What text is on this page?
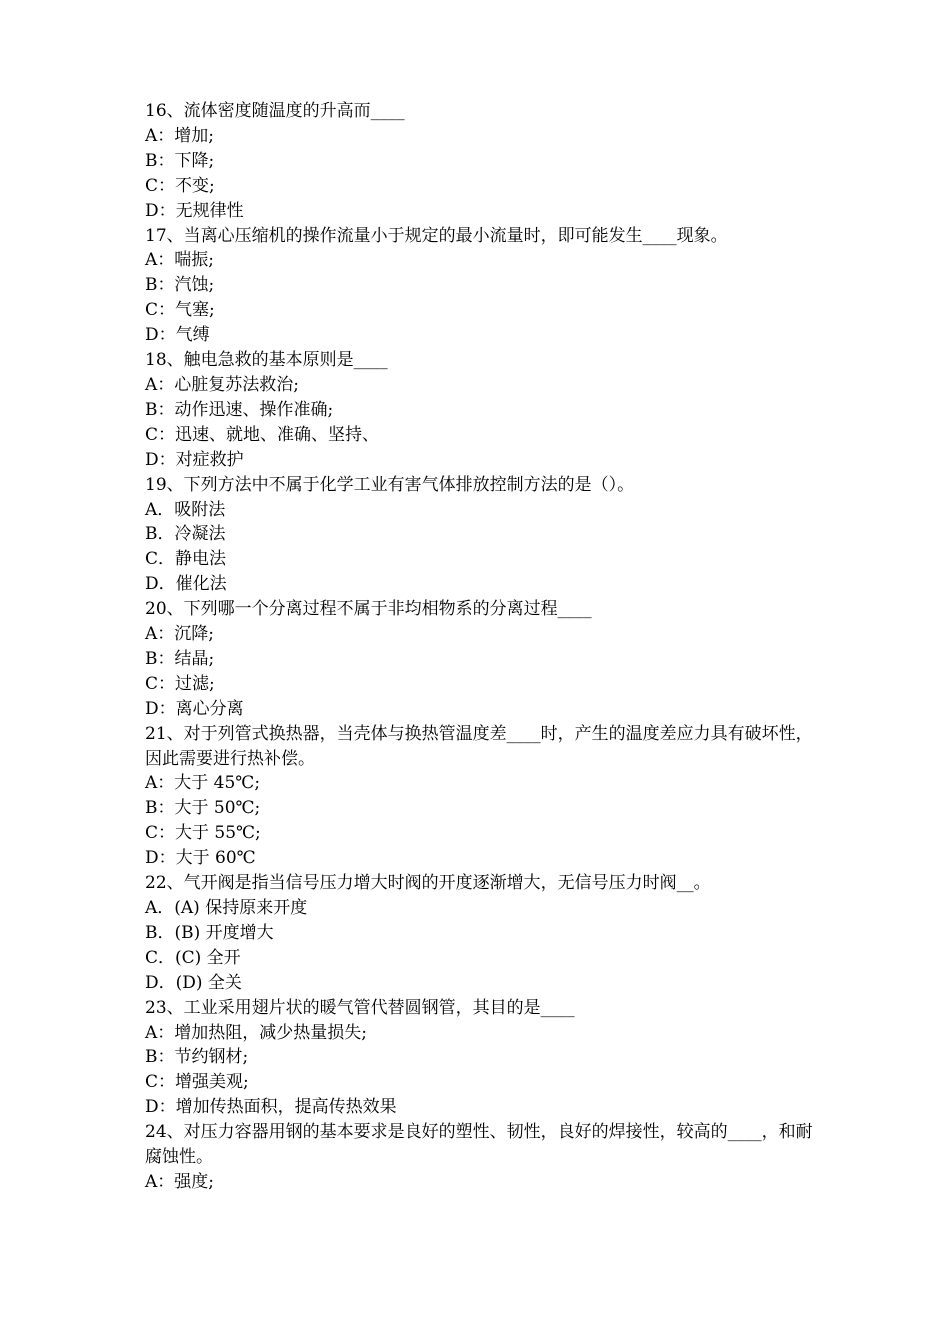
16、流体密度随温度的升高而____
A：增加;
B：下降;
C：不变;
D：无规律性
17、当离心压缩机的操作流量小于规定的最小流量时，即可能发生____现象。
A：喘振;
B：汽蚀;
C：气塞;
D：气缚
18、触电急救的基本原则是____
A：心脏复苏法救治;
B：动作迅速、操作准确;
C：迅速、就地、准确、坚持、
D：对症救护
19、下列方法中不属于化学工业有害气体排放控制方法的是（）。
A．吸附法
B．冷凝法
C．静电法
D．催化法
20、下列哪一个分离过程不属于非均相物系的分离过程____
A：沉降;
B：结晶;
C：过滤;
D：离心分离
21、对于列管式换热器，当壳体与换热管温度差____时，产生的温度差应力具有破坏性，因此需要进行热补偿。
A：大于 45℃;
B：大于 50℃;
C：大于 55℃;
D：大于 60℃
22、气开阀是指当信号压力增大时阀的开度逐渐增大，无信号压力时阀__。
A．(A) 保持原来开度
B．(B) 开度增大
C．(C) 全开
D．(D) 全关
23、工业采用翅片状的暖气管代替圆钢管，其目的是____
A：增加热阻，减少热量损失;
B：节约钢材;
C：增强美观;
D：增加传热面积，提高传热效果
24、对压力容器用钢的基本要求是良好的塑性、韧性，良好的焊接性，较高的____，和耐腐蚀性。
A：强度;
